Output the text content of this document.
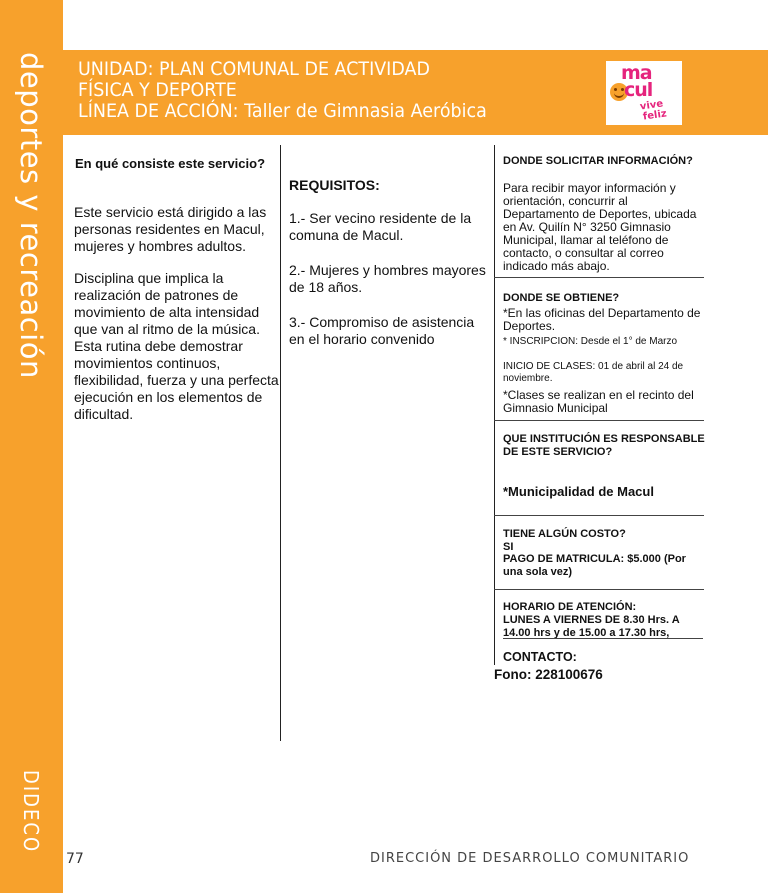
deportes y recreación
DIDECO
UNIDAD: PLAN COMUNAL DE ACTIVIDAD
FÍSICA Y DEPORTE
LÍNEA DE ACCIÓN: Taller de Gimnasia Aeróbica
ma
cul
vive
feliz
En qué consiste este servicio?

Este servicio está dirigido a las personas residentes en Macul, mujeres y hombres adultos.

Disciplina que implica la realización de patrones de movimiento de alta intensidad que van al ritmo de la música.
Esta rutina debe demostrar movimientos continuos, flexibilidad, fuerza y una perfecta ejecución en los elementos de dificultad.
REQUISITOS:

1.- Ser vecino residente de la comuna de Macul.

2.- Mujeres y hombres mayores de 18 años.

3.- Compromiso de asistencia en el horario convenido

DONDE SOLICITAR INFORMACIÓN?
Para recibir mayor información y orientación, concurrir al Departamento de Deportes, ubicada en Av. Quilín N° 3250 Gimnasio Municipal, llamar al teléfono de contacto, o consultar al correo indicado más abajo.
DONDE SE OBTIENE?
*En las oficinas del Departamento de Deportes.
* INSCRIPCION: Desde el 1° de Marzo
INICIO DE CLASES: 01 de abril al 24 de noviembre.
*Clases se realizan en el recinto del Gimnasio Municipal
QUE INSTITUCIÓN ES RESPONSABLE DE ESTE SERVICIO?
*Municipalidad de Macul
TIENE ALGÚN COSTO?
SI
PAGO DE MATRICULA: $5.000 (Por una sola vez)
HORARIO DE ATENCIÓN:
LUNES A VIERNES DE 8.30 Hrs. A 14.00 hrs y de 15.00 a 17.30 hrs,
CONTACTO:
Fono: 228100676
77	DIRECCIÓN DE DESARROLLO COMUNITARIO
